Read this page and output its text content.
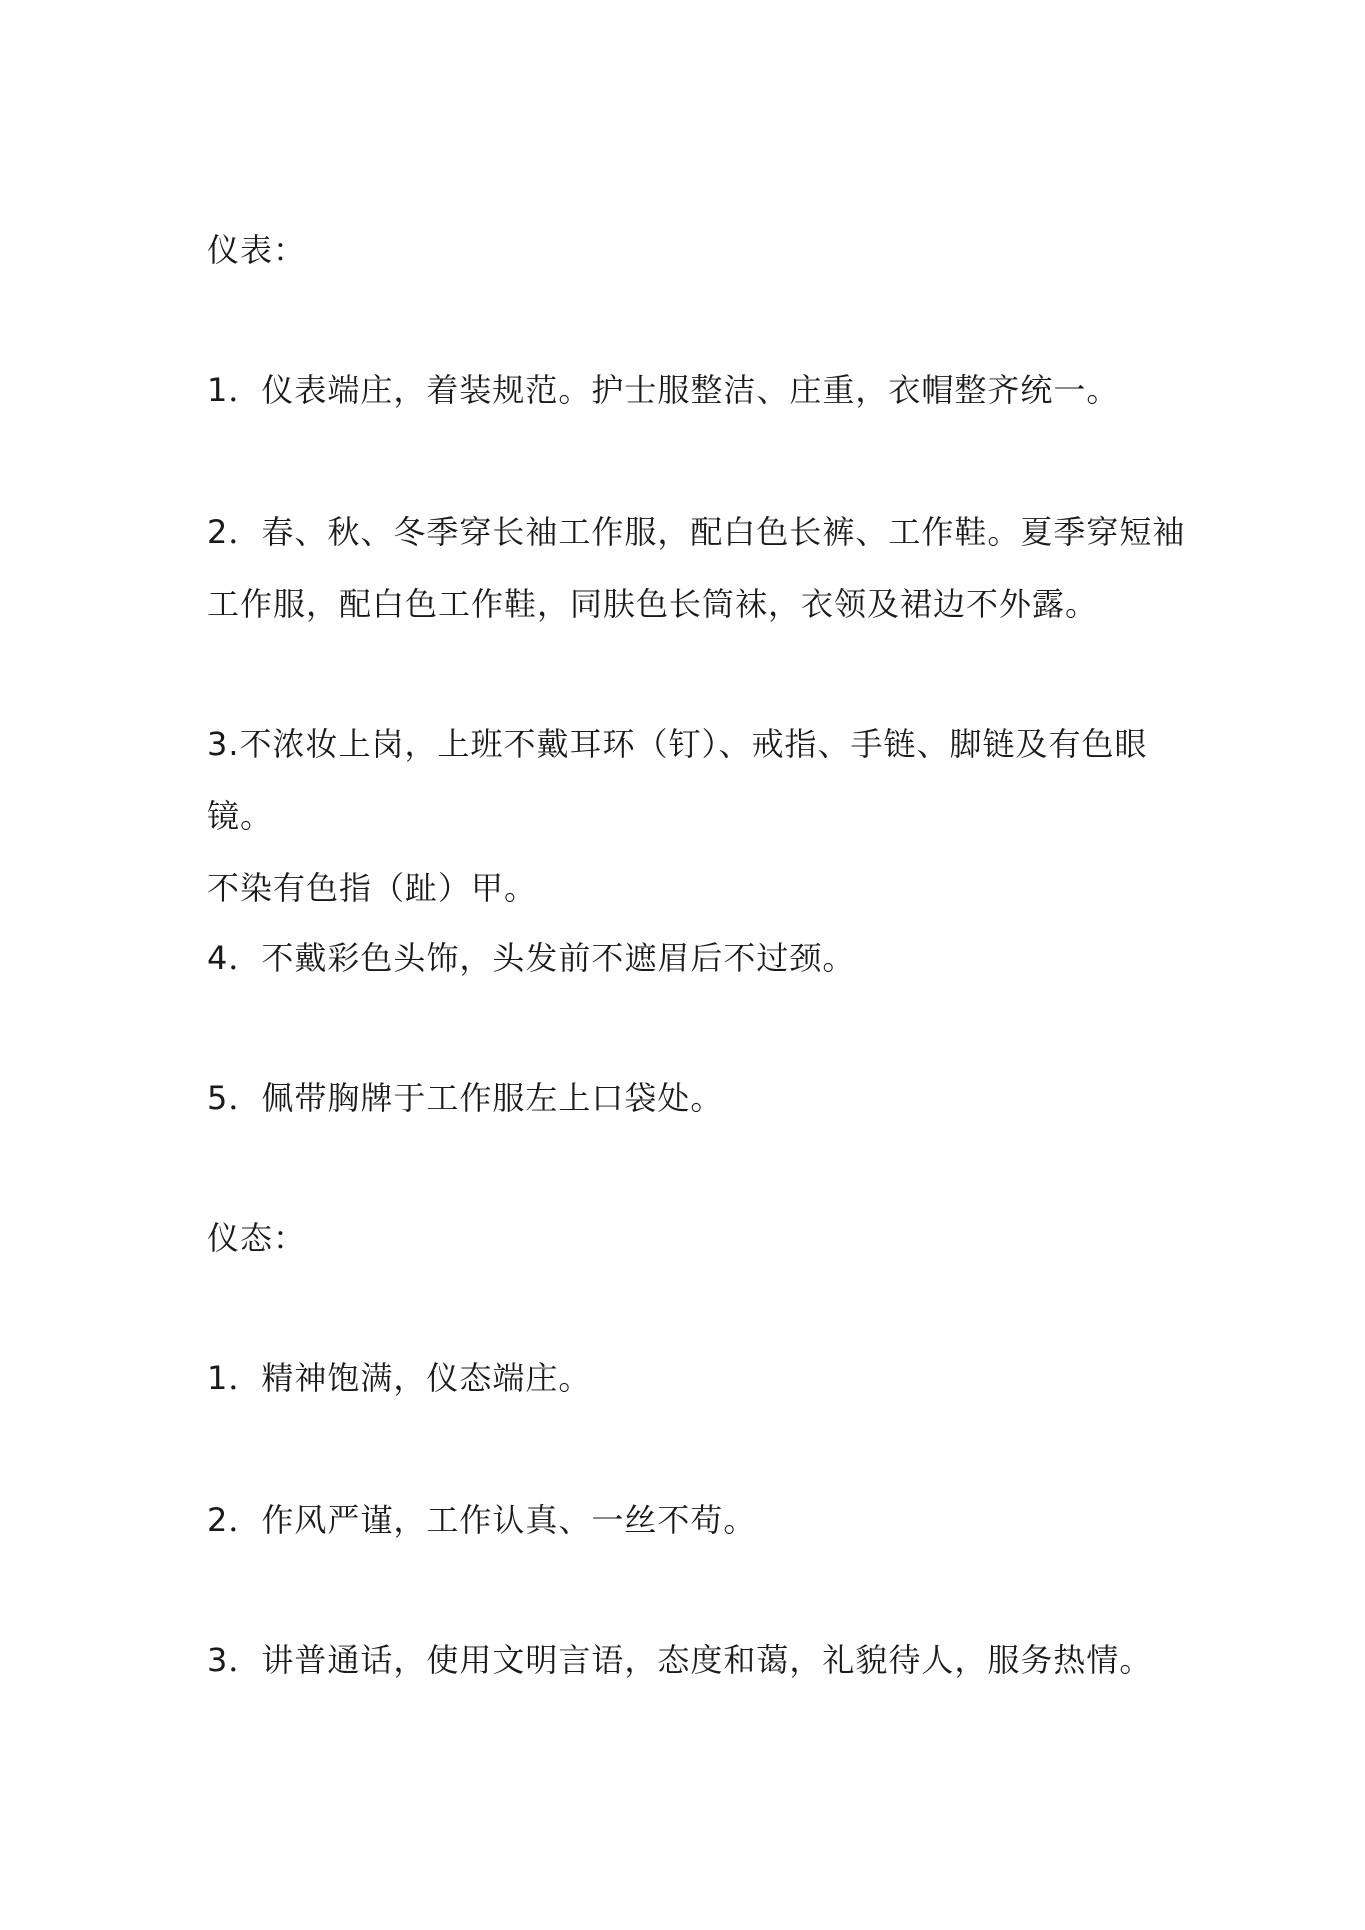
仪表：
1．仪表端庄，着装规范。护士服整洁、庄重，衣帽整齐统一。
2．春、秋、冬季穿长袖工作服，配白色长裤、工作鞋。夏季穿短袖
工作服，配白色工作鞋，同肤色长筒袜，衣领及裙边不外露。
3.不浓妆上岗，上班不戴耳环（钉）、戒指、手链、脚链及有色眼镜。
不染有色指（趾）甲。
4．不戴彩色头饰，头发前不遮眉后不过颈。
5．佩带胸牌于工作服左上口袋处。
仪态：
1．精神饱满，仪态端庄。
2．作风严谨，工作认真、一丝不苟。
3．讲普通话，使用文明言语，态度和蔼，礼貌待人，服务热情。
